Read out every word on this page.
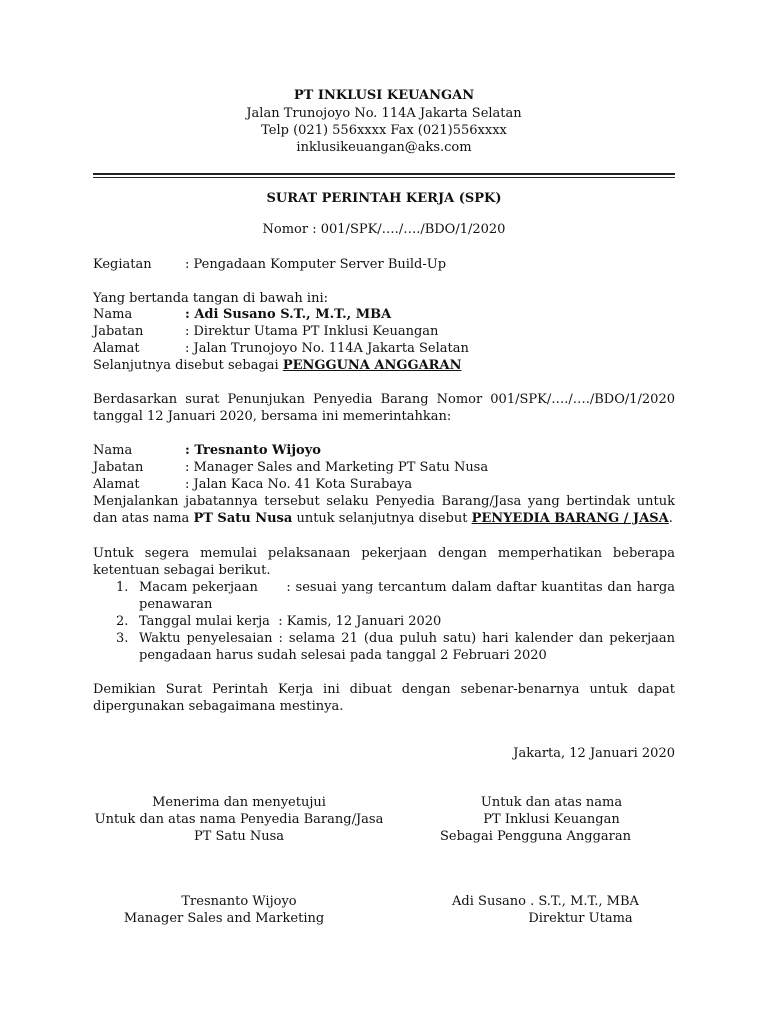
PT INKLUSI KEUANGAN
Jalan Trunojoyo No. 114A Jakarta Selatan
Telp (021) 556xxxx Fax (021)556xxxx
inklusikeuangan@aks.com
SURAT PERINTAH KERJA (SPK)
Nomor : 001/SPK/…./…./BDO/1/2020
Kegiatan	: Pengadaan Komputer Server Build-Up
Yang bertanda tangan di bawah ini:
Nama	: Adi Susano S.T., M.T., MBA
Jabatan	: Direktur Utama PT Inklusi Keuangan
Alamat	: Jalan Trunojoyo No. 114A Jakarta Selatan
Selanjutnya disebut sebagai PENGGUNA ANGGARAN
Berdasarkan surat Penunjukan Penyedia Barang Nomor 001/SPK/…./…./BDO/1/2020
tanggal 12 Januari 2020, bersama ini memerintahkan:
Nama	: Tresnanto Wijoyo
Jabatan	: Manager Sales and Marketing PT Satu Nusa
Alamat	: Jalan Kaca No. 41 Kota Surabaya
Menjalankan jabatannya tersebut selaku Penyedia Barang/Jasa yang bertindak untuk
dan atas nama PT Satu Nusa untuk selanjutnya disebut PENYEDIA BARANG / JASA.
Untuk segera memulai pelaksanaan pekerjaan dengan memperhatikan beberapa
ketentuan sebagai berikut.
1. Macam pekerjaan      : sesuai yang tercantum dalam daftar kuantitas dan harga
penawaran
2. Tanggal mulai kerja  : Kamis, 12 Januari 2020
3. Waktu penyelesaian : selama 21 (dua puluh satu) hari kalender dan pekerjaan
pengadaan harus sudah selesai pada tanggal 2 Februari 2020
Demikian Surat Perintah Kerja ini dibuat dengan sebenar-benarnya untuk dapat
dipergunakan sebagaimana mestinya.
Jakarta, 12 Januari 2020
Menerima dan menyetujui
Untuk dan atas nama Penyedia Barang/Jasa
PT Satu Nusa
Tresnanto Wijoyo
Manager Sales and Marketing
Untuk dan atas nama
PT Inklusi Keuangan
Sebagai Pengguna Anggaran
Adi Susano . S.T., M.T., MBA
Direktur Utama
